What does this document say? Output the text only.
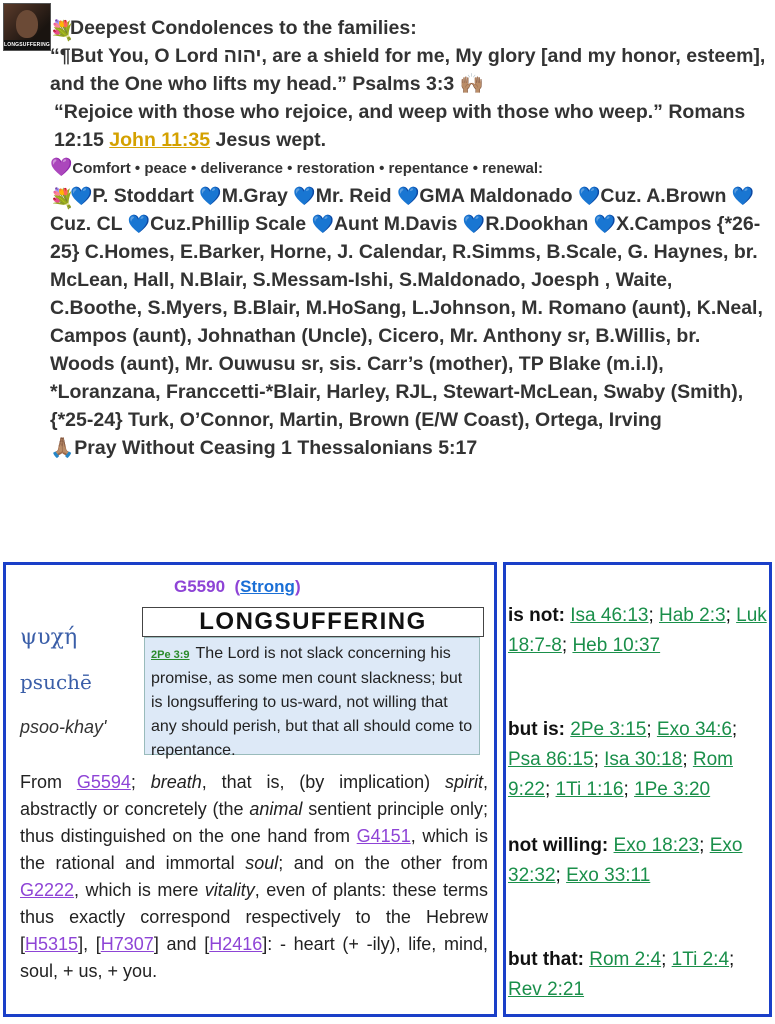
LONGSUFFERING

💐Deepest Condolences to the families:

“¶But You, O Lord יהוה, are a shield for me, My glory [and my honor, esteem], and the One who lifts my head.” Psalms 3:3 🙌🏽

“Rejoice with those who rejoice, and weep with those who weep.” Romans 12:15 John 11:35 Jesus wept.

💜Comfort • peace • deliverance • restoration • repentance • renewal:

💐💙P. Stoddart 💙M.Gray 💙Mr. Reid 💙GMA Maldonado 💙Cuz. A.Brown 💙Cuz. CL 💙Cuz.Phillip Scale 💙Aunt M.Davis 💙R.Dookhan 💙X.Campos {*26-25} C.Homes, E.Barker, Horne, J. Calendar, R.Simms, B.Scale, G. Haynes, br. McLean, Hall, N.Blair, S.Messam-Ishi, S.Maldonado, Joesph , Waite, C.Boothe, S.Myers, B.Blair, M.HoSang, L.Johnson, M. Romano (aunt), K.Neal, Campos (aunt), Johnathan (Uncle), Cicero, Mr. Anthony sr, B.Willis, br. Woods (aunt), Mr. Ouwusu sr, sis. Carr’s (mother), TP Blake (m.i.l), *Loranzana, Franccetti-*Blair, Harley, RJL, Stewart-McLean, Swaby (Smith), {*25-24} Turk, O’Connor, Martin, Brown (E/W Coast), Ortega, Irving

🙏🏽Pray Without Ceasing 1 Thessalonians 5:17

G5590  (Strong)
ψυχή
psuchē
psoo-khay'
LONGSUFFERING
2Pe 3:9 The Lord is not slack concerning his promise, as some men count slackness; but is longsuffering to us-ward, not willing that any should perish, but that all should come to repentance.
From G5594; breath, that is, (by implication) spirit, abstractly or concretely (the animal sentient principle only; thus distinguished on the one hand from G4151, which is the rational and immortal soul; and on the other from G2222, which is mere vitality, even of plants: these terms thus exactly correspond respectively to the Hebrew [H5315], [H7307] and [H2416]: - heart (+ -ily), life, mind, soul, + us, + you.
is not: Isa 46:13; Hab 2:3; Luk 18:7-8; Heb 10:37
but is: 2Pe 3:15; Exo 34:6; Psa 86:15; Isa 30:18; Rom 9:22; 1Ti 1:16; 1Pe 3:20
not willing: Exo 18:23; Exo 32:32; Exo 33:11
but that: Rom 2:4; 1Ti 2:4; Rev 2:21
